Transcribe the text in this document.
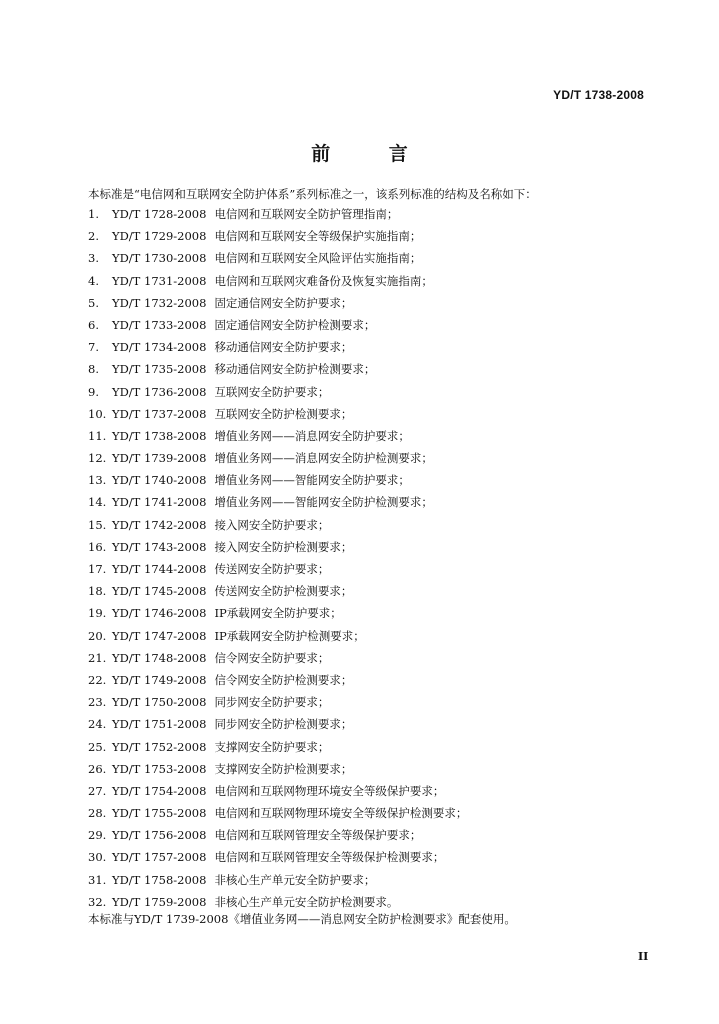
YD/T 1738-2008
前 言
本标准是“电信网和互联网安全防护体系”系列标准之一，该系列标准的结构及名称如下：
1.	YD/T 1728-2008 电信网和互联网安全防护管理指南；
2.	YD/T 1729-2008 电信网和互联网安全等级保护实施指南；
3.	YD/T 1730-2008 电信网和互联网安全风险评估实施指南；
4.	YD/T 1731-2008 电信网和互联网灾难备份及恢复实施指南；
5.	YD/T 1732-2008 固定通信网安全防护要求；
6.	YD/T 1733-2008 固定通信网安全防护检测要求；
7.	YD/T 1734-2008 移动通信网安全防护要求；
8.	YD/T 1735-2008 移动通信网安全防护检测要求；
9.	YD/T 1736-2008 互联网安全防护要求；
10. YD/T 1737-2008 互联网安全防护检测要求；
11. YD/T 1738-2008 增值业务网——消息网安全防护要求；
12. YD/T 1739-2008 增值业务网——消息网安全防护检测要求；
13. YD/T 1740-2008 增值业务网——智能网安全防护要求；
14. YD/T 1741-2008 增值业务网——智能网安全防护检测要求；
15. YD/T 1742-2008 接入网安全防护要求；
16. YD/T 1743-2008 接入网安全防护检测要求；
17. YD/T 1744-2008 传送网安全防护要求；
18. YD/T 1745-2008 传送网安全防护检测要求；
19. YD/T 1746-2008 IP承载网安全防护要求；
20. YD/T 1747-2008 IP承载网安全防护检测要求；
21. YD/T 1748-2008 信令网安全防护要求；
22. YD/T 1749-2008 信令网安全防护检测要求；
23. YD/T 1750-2008 同步网安全防护要求；
24. YD/T 1751-2008 同步网安全防护检测要求；
25. YD/T 1752-2008 支撑网安全防护要求；
26. YD/T 1753-2008 支撑网安全防护检测要求；
27. YD/T 1754-2008 电信网和互联网物理环境安全等级保护要求；
28. YD/T 1755-2008 电信网和互联网物理环境安全等级保护检测要求；
29. YD/T 1756-2008 电信网和互联网管理安全等级保护要求；
30. YD/T 1757-2008 电信网和互联网管理安全等级保护检测要求；
31. YD/T 1758-2008 非核心生产单元安全防护要求；
32. YD/T 1759-2008 非核心生产单元安全防护检测要求。
本标准与YD/T 1739-2008《增值业务网——消息网安全防护检测要求》配套使用。
II
